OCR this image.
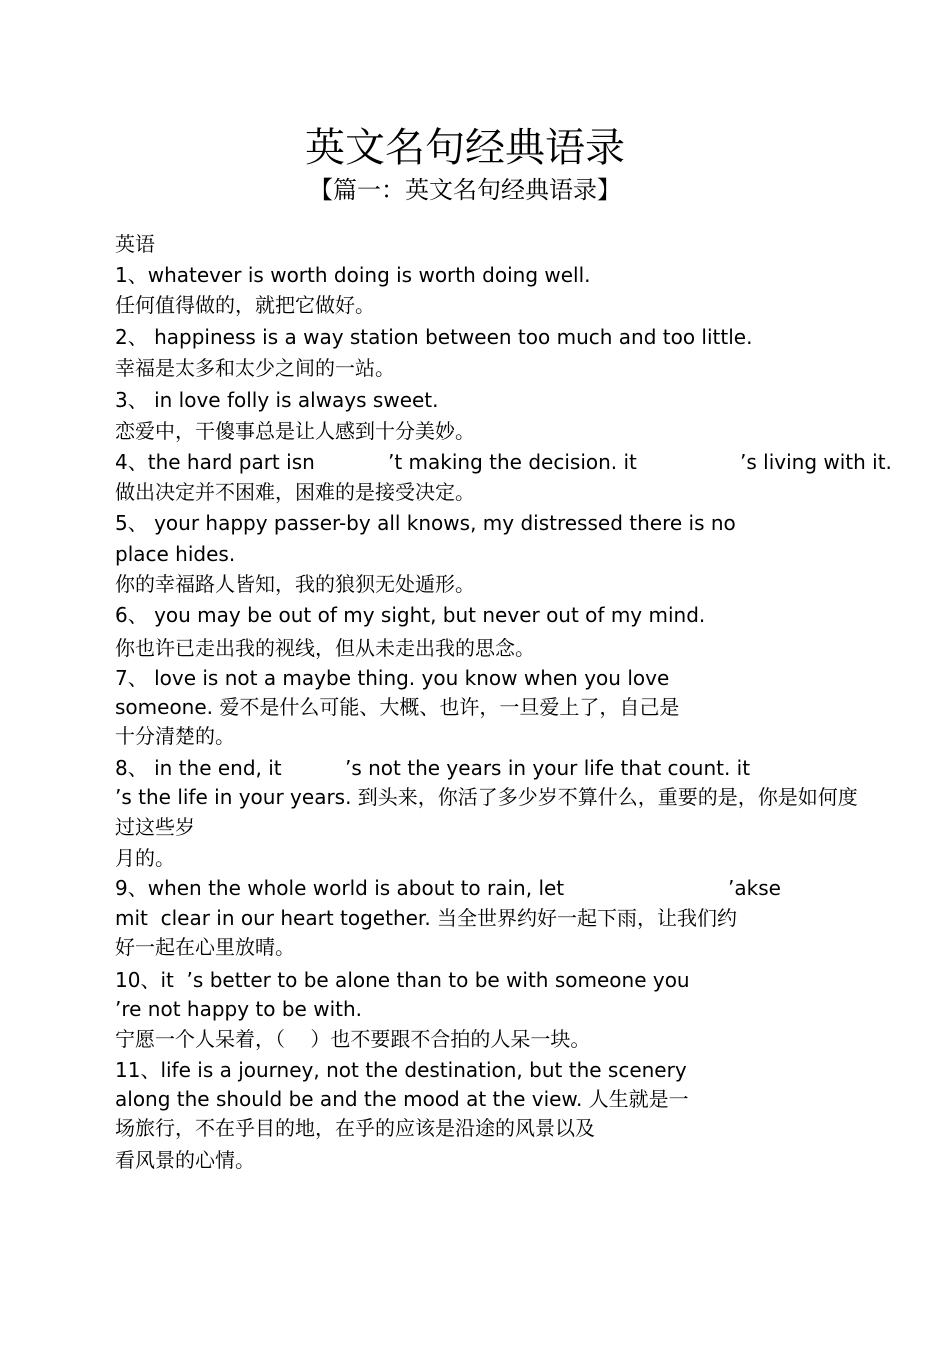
英文名句经典语录
【篇一：英文名句经典语录】
英语
1、whatever is worth doing is worth doing well.
任何值得做的，就把它做好。
2、 happiness is a way station between too much and too little.
幸福是太多和太少之间的一站。
3、 in love folly is always sweet.
恋爱中，干傻事总是让人感到十分美妙。
4、the hard part isn	’t making the decision. it	’s living with it.
做出决定并不困难，困难的是接受决定。
5、 your happy passer-by all knows, my distressed there is no
place hides.
你的幸福路人皆知，我的狼狈无处遁形。
6、 you may be out of my sight, but never out of my mind.
你也许已走出我的视线，但从未走出我的思念。
7、 love is not a maybe thing. you know when you love
someone. 爱不是什么可能、大概、也许，一旦爱上了，自己是
十分清楚的。
8、 in the end, it	’s not the years in your life that count. it
’s the life in your years. 到头来，你活了多少岁不算什么，重要的是，你是如何度
过这些岁
月的。
9、when the whole world is about to rain, let	’akse
mit  clear in our heart together. 当全世界约好一起下雨，让我们约
好一起在心里放晴。
10、it  ’s better to be alone than to be with someone you
’re not happy to be with.
宁愿一个人呆着，（    ）也不要跟不合拍的人呆一块。
11、life is a journey, not the destination, but the scenery
along the should be and the mood at the view. 人生就是一
场旅行，不在乎目的地，在乎的应该是沿途的风景以及
看风景的心情。
